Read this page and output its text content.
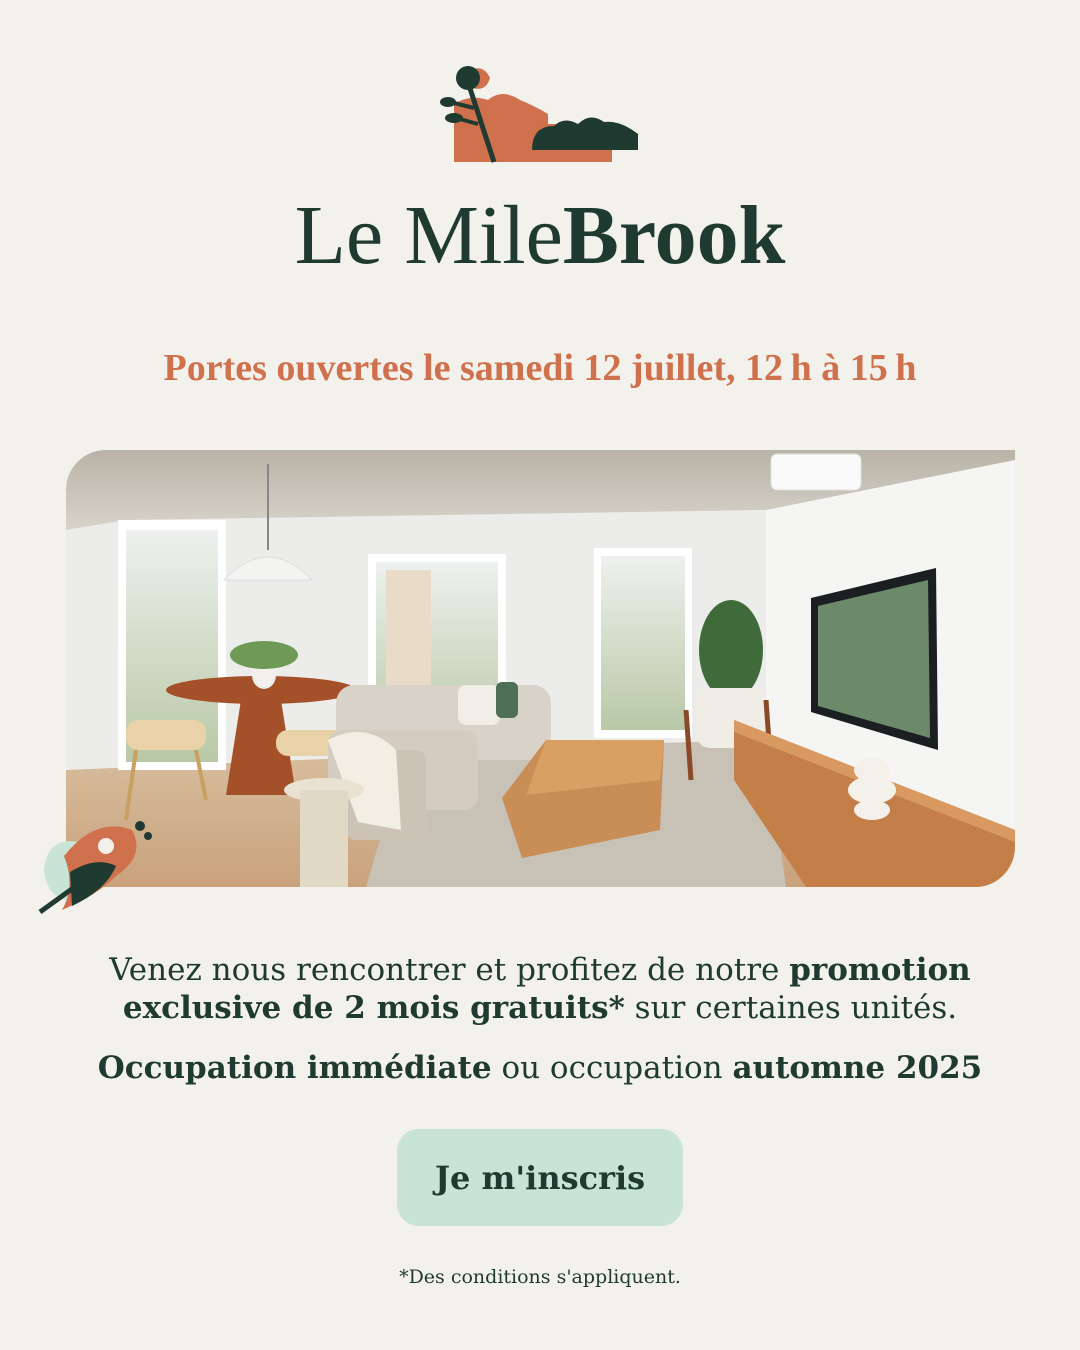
Le MileBrook
Portes ouvertes le samedi 12 juillet, 12 h à 15 h
Venez nous rencontrer et profitez de notre promotion exclusive de 2 mois gratuits* sur certaines unités.
Occupation immédiate ou occupation automne 2025
Je m'inscris
*Des conditions s'appliquent.
